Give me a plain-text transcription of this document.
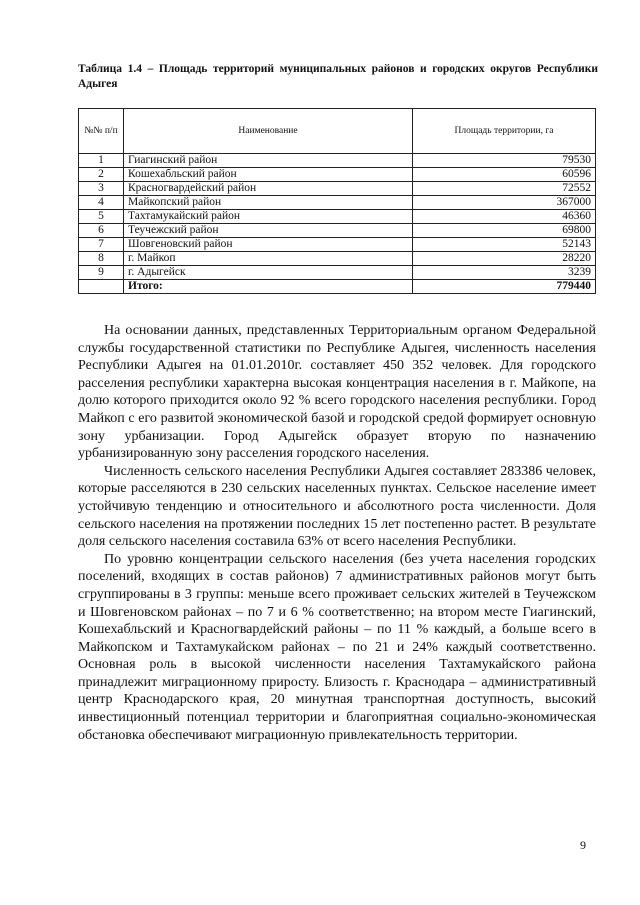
Таблица 1.4 – Площадь территорий муниципальных районов и городских округов Республики Адыгея
№№ п/п	Наименование	Площадь территории, га
1	Гиагинский район	79530
2	Кошехабльский район	60596
3	Красногвардейский район	72552
4	Майкопский район	367000
5	Тахтамукайский район	46360
6	Теучежский район	69800
7	Шовгеновский район	52143
8	г. Майкоп	28220
9	г. Адыгейск	3239
	Итого:	779440

На основании данных, представленных Территориальным органом Федеральной службы государственной статистики по Республике Адыгея, численность населения Республики Адыгея на 01.01.2010г. составляет 450 352 человек. Для городского расселения республики характерна высокая концентрация населения в г. Майкопе, на долю которого приходится около 92 % всего городского населения республики. Город Майкоп с его развитой экономической базой и городской средой формирует основную зону урбанизации. Город Адыгейск образует вторую по назначению урбанизированную зону расселения городского населения.

Численность сельского населения Республики Адыгея составляет 283386 человек, которые расселяются в 230 сельских населенных пунктах. Сельское население имеет устойчивую тенденцию и относительного и абсолютного роста численности. Доля сельского населения на протяжении последних 15 лет постепенно растет. В результате доля сельского населения составила 63% от всего населения Республики.

По уровню концентрации сельского населения (без учета населения городских поселений, входящих в состав районов) 7 административных районов могут быть сгруппированы в 3 группы: меньше всего проживает сельских жителей в Теучежском и Шовгеновском районах – по 7 и 6 % соответственно; на втором месте Гиагинский, Кошехабльский и Красногвардейский районы – по 11 % каждый, а больше всего в Майкопском и Тахтамукайском районах – по 21 и 24% каждый соответственно. Основная роль в высокой численности населения Тахтамукайского района принадлежит миграционному приросту. Близость г. Краснодара – административный центр Краснодарского края, 20 минутная транспортная доступность, высокий инвестиционный потенциал территории и благоприятная социально-экономическая обстановка обеспечивают миграционную привлекательность территории.

9
